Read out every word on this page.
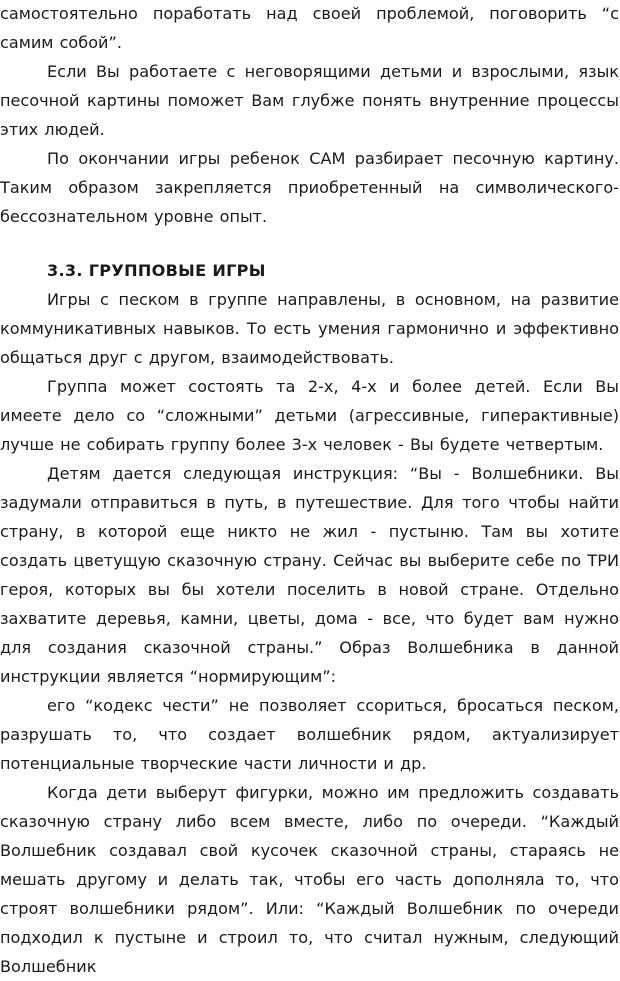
самостоятельно поработать над своей проблемой, поговорить “с самим собой”.

Если Вы работаете с неговорящими детьми и взрослыми, язык песочной картины поможет Вам глубже понять внутренние процессы этих людей.

По окончании игры ребенок САМ разбирает песочную картину. Таким образом закрепляется приобретенный на символического-бессознательном уровне опыт.

3.3. ГРУППОВЫЕ ИГРЫ

Игры с песком в группе направлены, в основном, на развитие коммуникативных навыков. То есть умения гармонично и эффективно общаться друг с другом, взаимодействовать.

Группа может состоять та 2-х, 4-х и более детей. Если Вы имеете дело со “сложными” детьми (агрессивные, гиперактивные) лучше не собирать группу более 3-х человек - Вы будете четвертым.

Детям дается следующая инструкция: “Вы - Волшебники. Вы задумали отправиться в путь, в путешествие. Для того чтобы найти страну, в которой еще никто не жил - пустыню. Там вы хотите создать цветущую сказочную страну. Сейчас вы выберите себе по ТРИ героя, которых вы бы хотели поселить в новой стране. Отдельно захватите деревья, камни, цветы, дома - все, что будет вам нужно для создания сказочной страны.” Образ Волшебника в данной инструкции является “нормирующим”:

его “кодекс чести” не позволяет ссориться, бросаться песком, разрушать то, что создает волшебник рядом, актуализирует потенциальные творческие части личности и др.

Когда дети выберут фигурки, можно им предложить создавать сказочную страну либо всем вместе, либо по очереди. “Каждый Волшебник создавал свой кусочек сказочной страны, стараясь не мешать другому и делать так, чтобы его часть дополняла то, что строят волшебники рядом”. Или: “Каждый Волшебник по очереди подходил к пустыне и строил то, что считал нужным, следующий Волшебник
